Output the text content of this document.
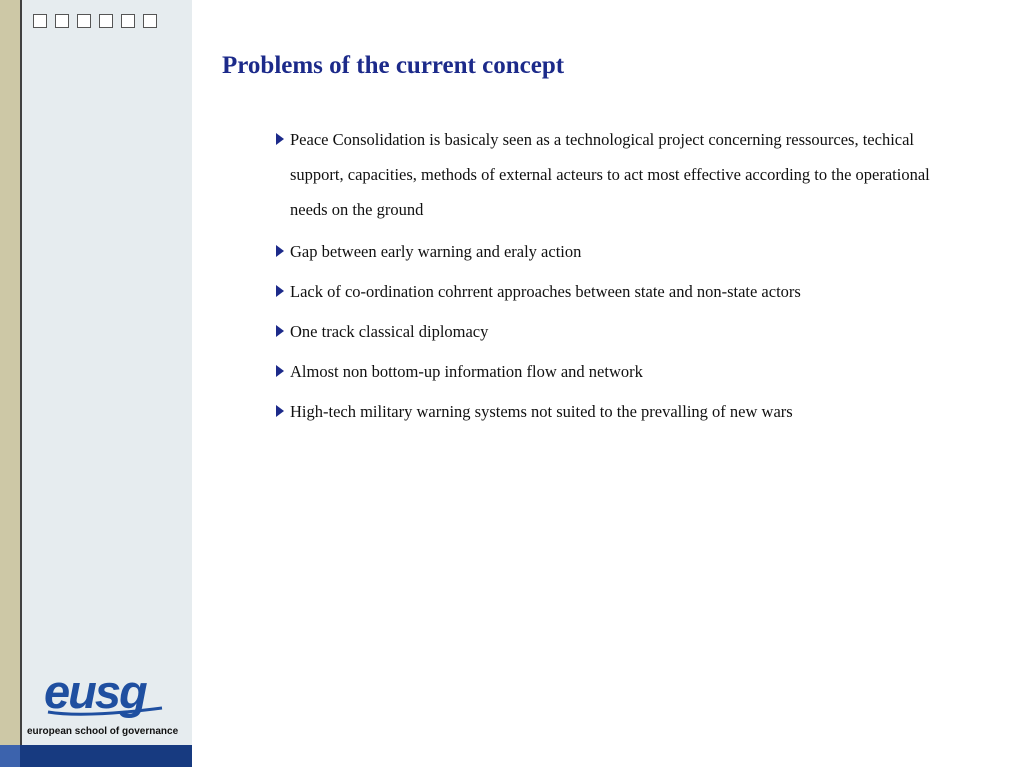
eusg
european school of governance
Problems of the current concept
Peace Consolidation is basicaly seen as a technological project concerning ressources, techical support, capacities, methods of external acteurs to act most effective according to the operational needs on the ground
Gap between early warning and eraly action
Lack of co-ordination cohrrent approaches between state and non-state actors
One track classical diplomacy
Almost non bottom-up information flow and network
High-tech military warning systems not suited to the prevalling of new wars
